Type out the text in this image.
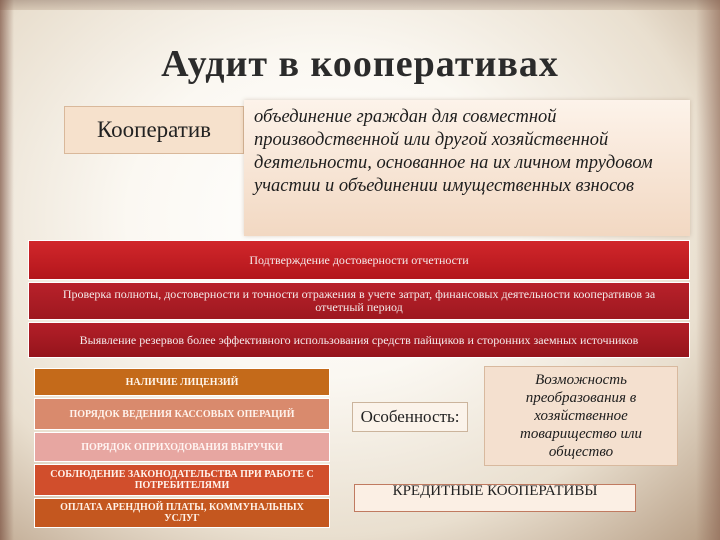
Аудит в кооперативах
Кооператив	объединение граждан для совместной производственной или другой хозяйственной деятельности, основанное на их личном трудовом участии и объединении имущественных взносов
Подтверждение достоверности отчетности
Проверка полноты, достоверности и точности отражения в учете затрат, финансовых деятельности кооперативов за отчетный период
Выявление резервов более эффективного использования средств пайщиков и сторонних заемных источников
НАЛИЧИЕ ЛИЦЕНЗИЙ
ПОРЯДОК ВЕДЕНИЯ КАССОВЫХ ОПЕРАЦИЙ
ПОРЯДОК ОПРИХОДОВАНИЯ ВЫРУЧКИ
СОБЛЮДЕНИЕ ЗАКОНОДАТЕЛЬСТВА ПРИ РАБОТЕ С ПОТРЕБИТЕЛЯМИ
ОПЛАТА АРЕНДНОЙ ПЛАТЫ, КОММУНАЛЬНЫХ УСЛУГ
Особенность:
Возможность преобразования в хозяйственное товарищество или общество
КРЕДИТНЫЕ КООПЕРАТИВЫ
